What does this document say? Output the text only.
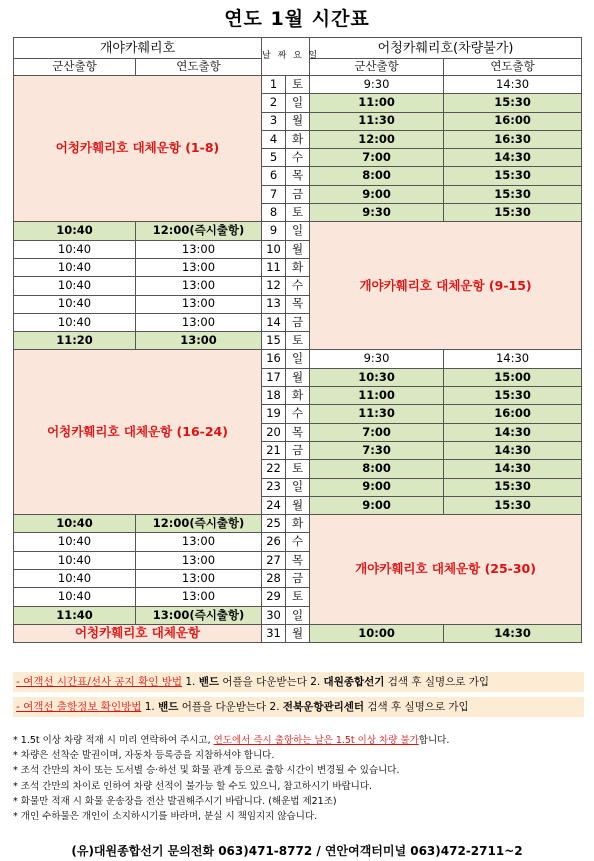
연도 1월 시간표
개야카훼리호		날 짜 요 일		어청카훼리호(차량불가)	
군산출항	연도출항			군산출항	연도출항
어청카훼리호 대체운항 (1-8)		1	토	9:30	14:30
		2	일	11:00	15:30
		3	월	11:30	16:00
		4	화	12:00	16:30
		5	수	7:00	14:30
		6	목	8:00	15:30
		7	금	9:00	15:30
		8	토	9:30	15:30
10:40	12:00(즉시출항)	9	일	개야카훼리호 대체운항 (9-15)	
10:40	13:00	10	월		
10:40	13:00	11	화		
10:40	13:00	12	수		
10:40	13:00	13	목		
10:40	13:00	14	금		
11:20	13:00	15	토		
어청카훼리호 대체운항 (16-24)		16	일	9:30	14:30
		17	월	10:30	15:00
		18	화	11:00	15:30
		19	수	11:30	16:00
		20	목	7:00	14:30
		21	금	7:30	14:30
		22	토	8:00	14:30
		23	일	9:00	15:30
		24	월	9:00	15:30
10:40	12:00(즉시출항)	25	화	개야카훼리호 대체운항 (25-30)	
10:40	13:00	26	수		
10:40	13:00	27	목		
10:40	13:00	28	금		
10:40	13:00	29	토		
11:40	13:00(즉시출항)	30	일		
어청카훼리호 대체운항		31	월	10:00	14:30
- 여객선 시간표/선사 공지 확인 방법 1. 밴드 어플을 다운받는다 2. 대원종합선기 검색 후 실명으로 가입
- 여객선 출항정보 확인방법 1. 밴드 어플을 다운받는다 2. 전북운항관리센터 검색 후 실명으로 가입
* 1.5t 이상 차량 적재 시 미리 연락하여 주시고, 연도에서 즉시 출항하는 날은 1.5t 이상 차량 불가합니다.
* 차량은 선착순 발권이며, 자동차 등록증을 지참하셔야 합니다.
* 조석 간만의 차이 또는 도서별 승·하선 및 화물 관계 등으로 출항 시간이 변경될 수 있습니다.
* 조석 간만의 차이로 인하여 차량 선적이 불가능 할 수도 있으니, 참고하시기 바랍니다.
* 화물만 적재 시 화물 운송장을 전산 발권해주시기 바랍니다. (해운법 제21조)
* 개인 수하물은 개인이 소지하시기를 바라며, 분실 시 책임지지 않습니다.
(유)대원종합선기 문의전화 063)471-8772 / 연안여객터미널 063)472-2711~2
